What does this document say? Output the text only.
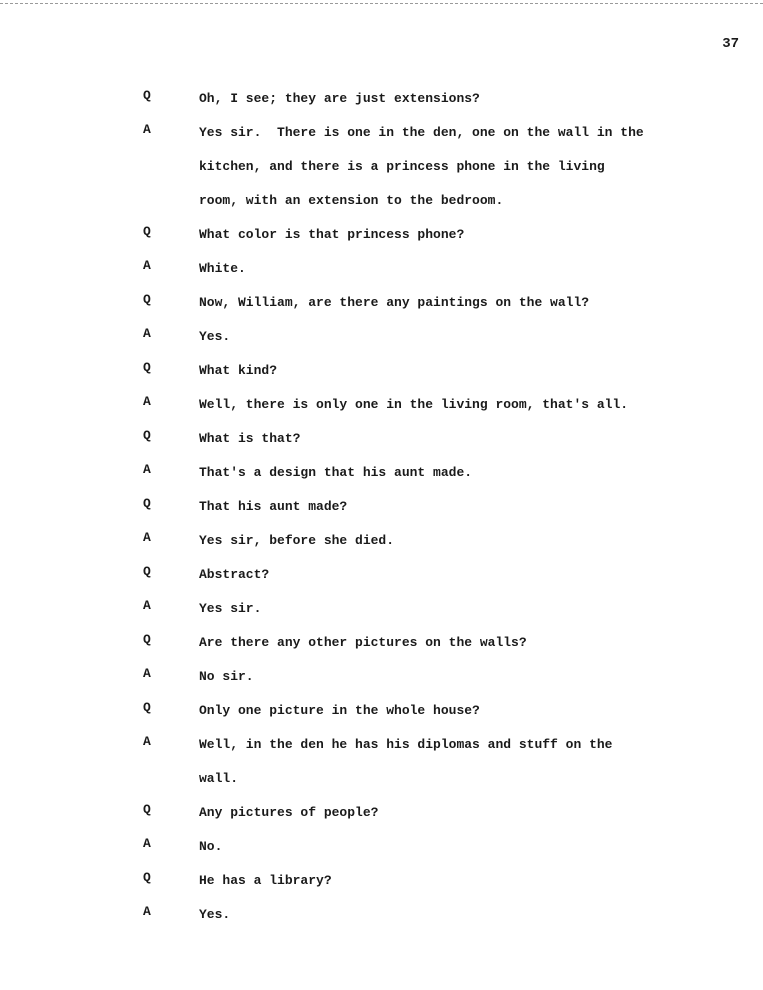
37
Q	Oh, I see; they are just extensions?
A	Yes sir.  There is one in the den, one on the wall in the
kitchen, and there is a princess phone in the living
room, with an extension to the bedroom.
Q	What color is that princess phone?
A	White.
Q	Now, William, are there any paintings on the wall?
A	Yes.
Q	What kind?
A	Well, there is only one in the living room, that's all.
Q	What is that?
A	That's a design that his aunt made.
Q	That his aunt made?
A	Yes sir, before she died.
Q	Abstract?
A	Yes sir.
Q	Are there any other pictures on the walls?
A	No sir.
Q	Only one picture in the whole house?
A	Well, in the den he has his diplomas and stuff on the
wall.
Q	Any pictures of people?
A	No.
Q	He has a library?
A	Yes.
